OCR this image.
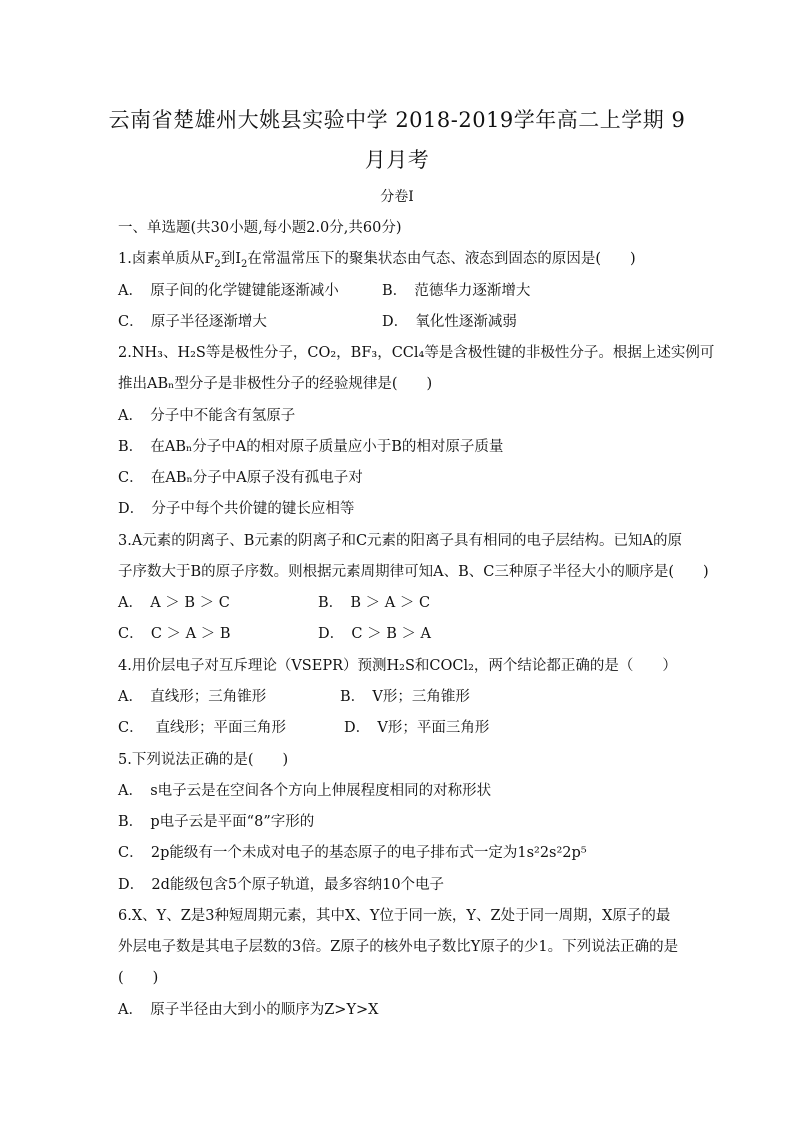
云南省楚雄州大姚县实验中学 2018-2019学年高二上学期 9
月月考
分卷I
一、单选题(共30小题,每小题2.0分,共60分)
1.卤素单质从$F_2$到$I_2$在常温常压下的聚集状态由气态、液态到固态的原因是(　　)
A．　原子间的化学键键能逐渐减小	B．　范德华力逐渐增大
C．　原子半径逐渐增大	D．　氧化性逐渐减弱
2.NH₃、H₂S等是极性分子，CO₂，BF₃，CCl₄等是含极性键的非极性分子。根据上述实例可
推出ABₙ型分子是非极性分子的经验规律是(　　)
A．　分子中不能含有氢原子
B．　在ABₙ分子中A的相对原子质量应小于B的相对原子质量
C．　在ABₙ分子中A原子没有孤电子对
D．　分子中每个共价键的键长应相等
3.A元素的阴离子、B元素的阴离子和C元素的阳离子具有相同的电子层结构。已知A的原
子序数大于B的原子序数。则根据元素周期律可知A、B、C三种原子半径大小的顺序是(　　)
A．　A ＞ B ＞ C	B．　B ＞ A ＞ C
C．　C ＞ A ＞ B	D．　C ＞ B ＞ A
4.用价层电子对互斥理论（VSEPR）预测H₂S和COCl₂，两个结论都正确的是（　　）
A．　直线形；三角锥形	B．　V形；三角锥形
C．　 直线形；平面三角形	D．　V形；平面三角形
5.下列说法正确的是(　　)
A．　s电子云是在空间各个方向上伸展程度相同的对称形状
B．　p电子云是平面“8”字形的
C．　2p能级有一个未成对电子的基态原子的电子排布式一定为1s²2s²2p⁵
D．　2d能级包含5个原子轨道，最多容纳10个电子
6.X、Y、Z是3种短周期元素，其中X、Y位于同一族，Y、Z处于同一周期，X原子的最
外层电子数是其电子层数的3倍。Z原子的核外电子数比Y原子的少1。下列说法正确的是
(　　)
A．　原子半径由大到小的顺序为Z>Y>X
